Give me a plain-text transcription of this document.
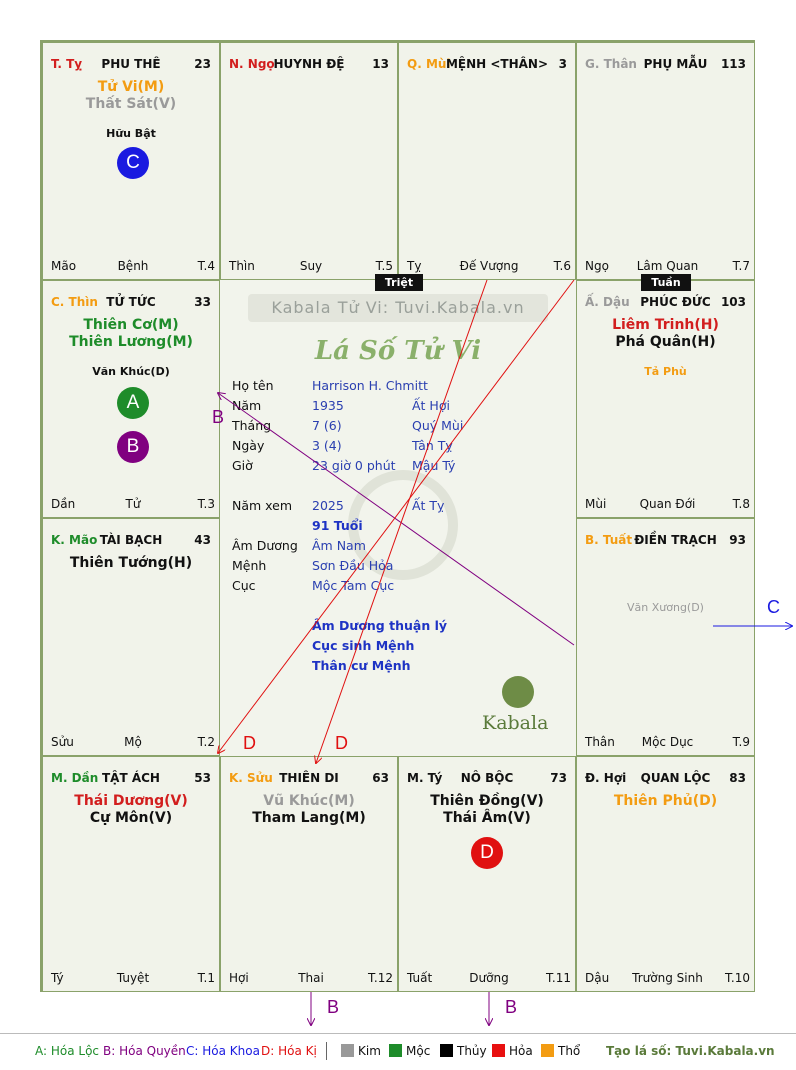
T. Tỵ	PHU THÊ	23
Tử Vi(M)
Thất Sát(V)
Hữu Bật
C
Mão	Bệnh	T.4
N. Ngọ
HUYNH ĐỆ	13
Thìn	Suy	T.5
Q. Mùi
MỆNH <THÂN> 3
Tỵ	Đế Vượng	T.6
G. Thân PHỤ MẪU	113
Ngọ	Lâm Quan	T.7
C. Thìn TỬ TỨC	33
Thiên Cơ(M)
Thiên Lương(M)
Văn Khúc(D)
A
B
Dần	Tử	T.3
Ấ. Dậu PHÚC ĐỨC 103
Liêm Trinh(H)
Phá Quân(H)
Tả Phù
Mùi	Quan Đới	T.8
K. Mão TÀI BẠCH	43
Thiên Tướng(H)
Sửu	Mộ	T.2
B. Tuất ĐIỀN TRẠCH	93
Văn Xương(D)
Thân	Mộc Dục	T.9
M. Dần TẬT ÁCH	53
Thái Dương(V)
Cự Môn(V)
Tý	Tuyệt	T.1
K. Sửu THIÊN DI	63
Vũ Khúc(M)
Tham Lang(M)
Hợi	Thai	T.12
M. Tý	NÔ BỘC	73
Thiên Đồng(V)
Thái Âm(V)
D
Tuất	Dưỡng	T.11
Đ. Hợi	QUAN LỘC	83
Thiên Phủ(D)
Dậu	Trường Sinh	T.10
Kabala Tử Vi: Tuvi.Kabala.vn
Lá Số Tử Vi
Họ tên	Harrison H. Chmitt
Năm	1935	Ất Hợi
Tháng	7 (6)	Quý Mùi
Ngày	3 (4)	Tân Tỵ
Giờ	23 giờ 0 phút Mậu Tý
Năm xem	2025	Ất Tỵ
91 Tuổi
Âm Dương	Âm Nam
Mệnh	Sơn Đầu Hỏa
Cục	Mộc Tam Cục
Âm Dương thuận lý
Cục sinh Mệnh
Thân cư Mệnh
Kabala
Triệt	Tuần
B
C
D	D
B	B
A: Hóa Lộc B: Hóa Quyền C: Hóa Khoa D: Hóa Kị	Kim	Mộc	Thủy	Hỏa	Thổ Tạo lá số: Tuvi.Kabala.vn
